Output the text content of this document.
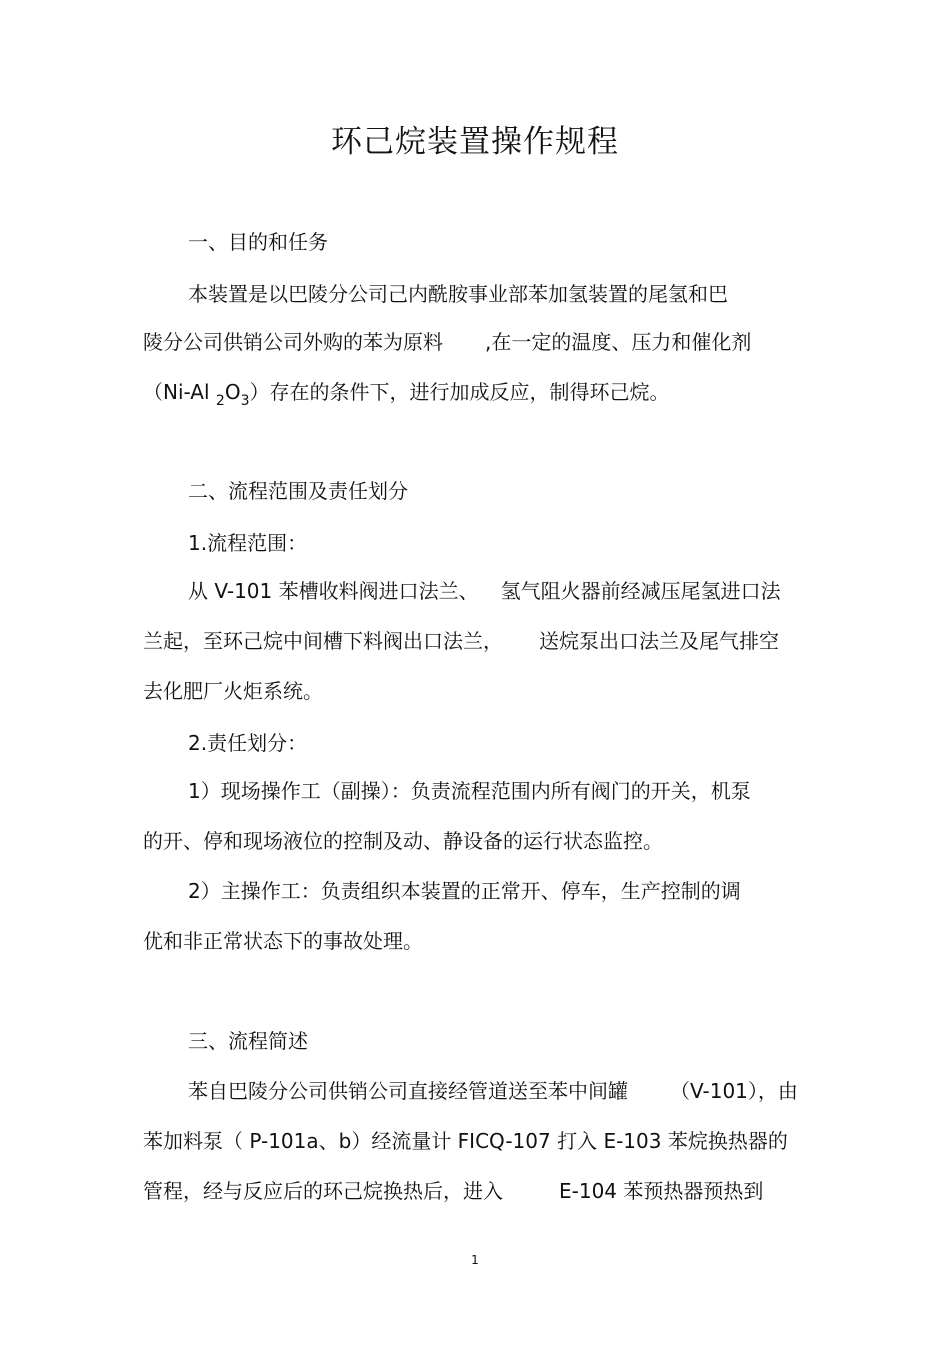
环己烷装置操作规程
一、目的和任务
本装置是以巴陵分公司己内酰胺事业部苯加氢装置的尾氢和巴
陵分公司供销公司外购的苯为原料 ,在一定的温度、压力和催化剂
（Ni-Al $_2O_3$）存在的条件下，进行加成反应，制得环己烷。
二、流程范围及责任划分
1.流程范围：
从 V-101 苯槽收料阀进口法兰、 氢气阻火器前经减压尾氢进口法
兰起，至环己烷中间槽下料阀出口法兰， 送烷泵出口法兰及尾气排空
去化肥厂火炬系统。
2.责任划分：
1）现场操作工（副操）：负责流程范围内所有阀门的开关，机泵
的开、停和现场液位的控制及动、静设备的运行状态监控。
2）主操作工：负责组织本装置的正常开、停车，生产控制的调
优和非正常状态下的事故处理。
三、流程简述
苯自巴陵分公司供销公司直接经管道送至苯中间罐 （V-101），由
苯加料泵（ P-101a、b）经流量计 FICQ-107 打入 E-103 苯烷换热器的
管程，经与反应后的环己烷换热后，进入	E-104 苯预热器预热到
1
